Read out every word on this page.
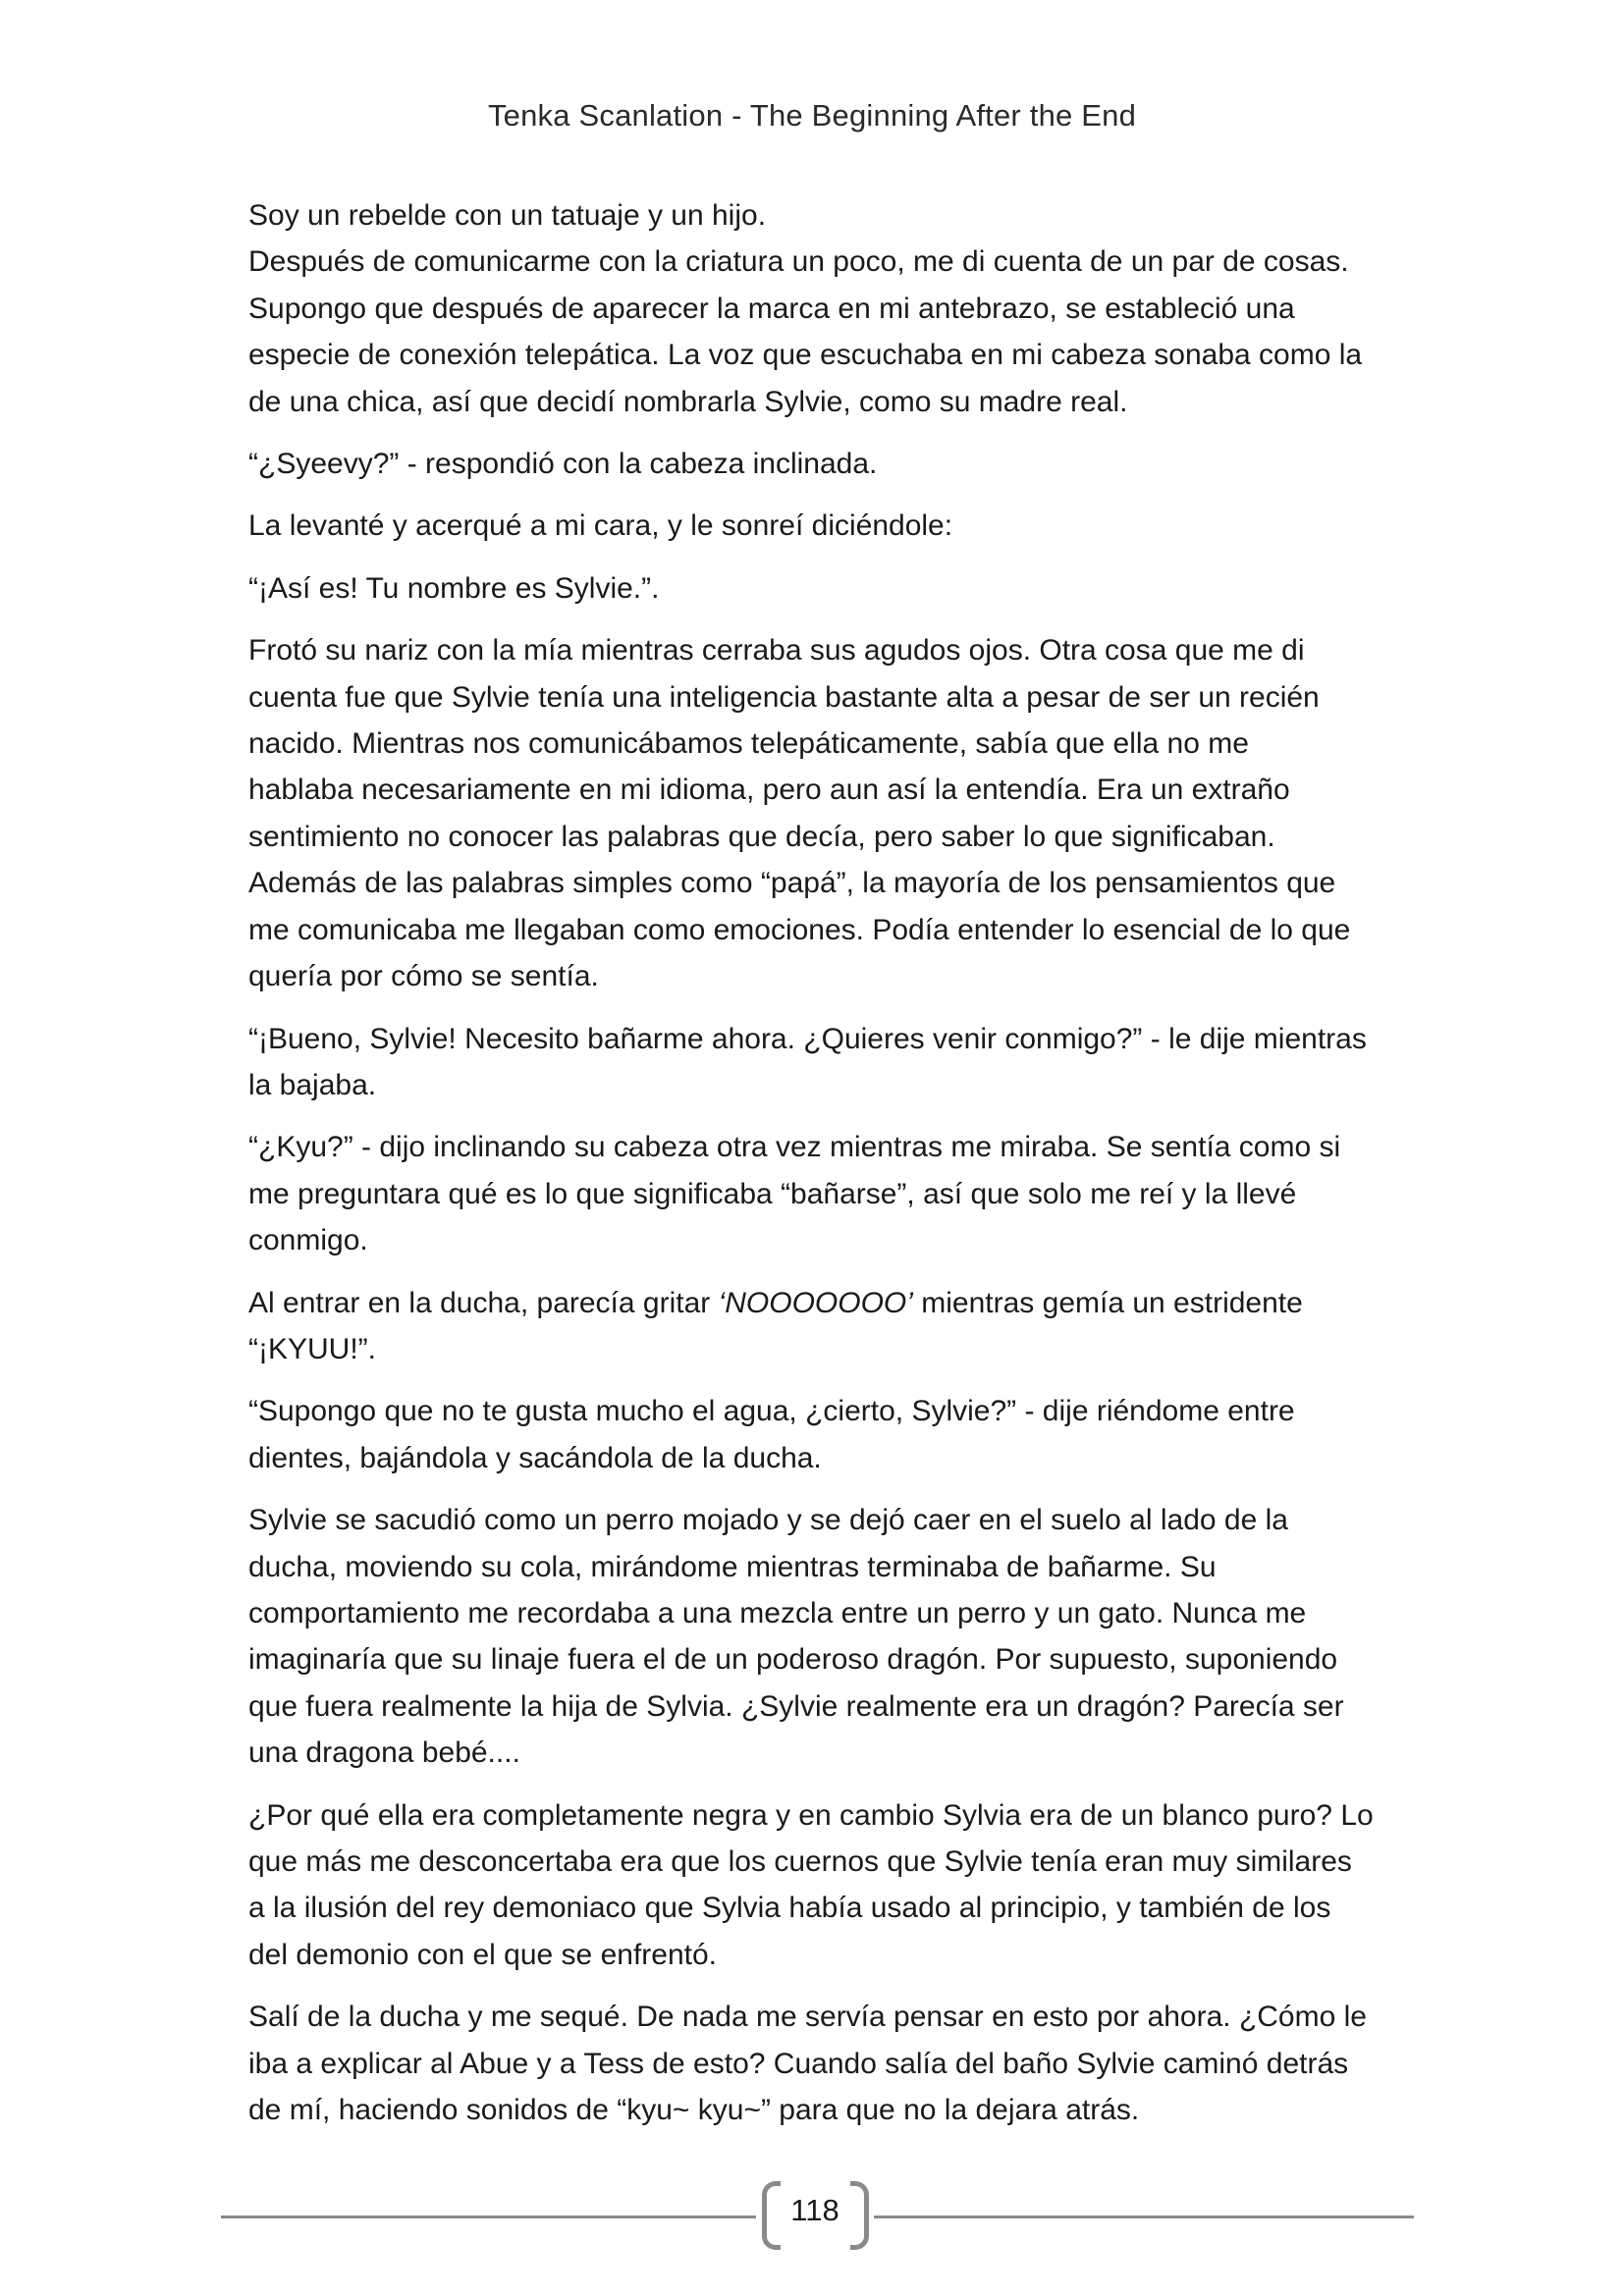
Tenka Scanlation - The Beginning After the End

Soy un rebelde con un tatuaje y un hijo.

Después de comunicarme con la criatura un poco, me di cuenta de un par de cosas.
Supongo que después de aparecer la marca en mi antebrazo, se estableció una
especie de conexión telepática. La voz que escuchaba en mi cabeza sonaba como la
de una chica, así que decidí nombrarla Sylvie, como su madre real.

“¿Syeevy?” - respondió con la cabeza inclinada.

La levanté y acerqué a mi cara, y le sonreí diciéndole:

“¡Así es! Tu nombre es Sylvie.”.

Frotó su nariz con la mía mientras cerraba sus agudos ojos. Otra cosa que me di
cuenta fue que Sylvie tenía una inteligencia bastante alta a pesar de ser un recién
nacido. Mientras nos comunicábamos telepáticamente, sabía que ella no me
hablaba necesariamente en mi idioma, pero aun así la entendía. Era un extraño
sentimiento no conocer las palabras que decía, pero saber lo que significaban.
Además de las palabras simples como “papá”, la mayoría de los pensamientos que
me comunicaba me llegaban como emociones. Podía entender lo esencial de lo que
quería por cómo se sentía.

“¡Bueno, Sylvie! Necesito bañarme ahora. ¿Quieres venir conmigo?” - le dije mientras
la bajaba.

“¿Kyu?” - dijo inclinando su cabeza otra vez mientras me miraba. Se sentía como si
me preguntara qué es lo que significaba “bañarse”, así que solo me reí y la llevé
conmigo.

Al entrar en la ducha, parecía gritar ‘NOOOOOOO’ mientras gemía un estridente
“¡KYUU!”.

“Supongo que no te gusta mucho el agua, ¿cierto, Sylvie?” - dije riéndome entre
dientes, bajándola y sacándola de la ducha.

Sylvie se sacudió como un perro mojado y se dejó caer en el suelo al lado de la
ducha, moviendo su cola, mirándome mientras terminaba de bañarme. Su
comportamiento me recordaba a una mezcla entre un perro y un gato. Nunca me
imaginaría que su linaje fuera el de un poderoso dragón. Por supuesto, suponiendo
que fuera realmente la hija de Sylvia. ¿Sylvie realmente era un dragón? Parecía ser
una dragona bebé....

¿Por qué ella era completamente negra y en cambio Sylvia era de un blanco puro? Lo
que más me desconcertaba era que los cuernos que Sylvie tenía eran muy similares
a la ilusión del rey demoniaco que Sylvia había usado al principio, y también de los
del demonio con el que se enfrentó.

Salí de la ducha y me sequé. De nada me servía pensar en esto por ahora. ¿Cómo le
iba a explicar al Abue y a Tess de esto? Cuando salía del baño Sylvie caminó detrás
de mí, haciendo sonidos de “kyu~ kyu~” para que no la dejara atrás.

118
